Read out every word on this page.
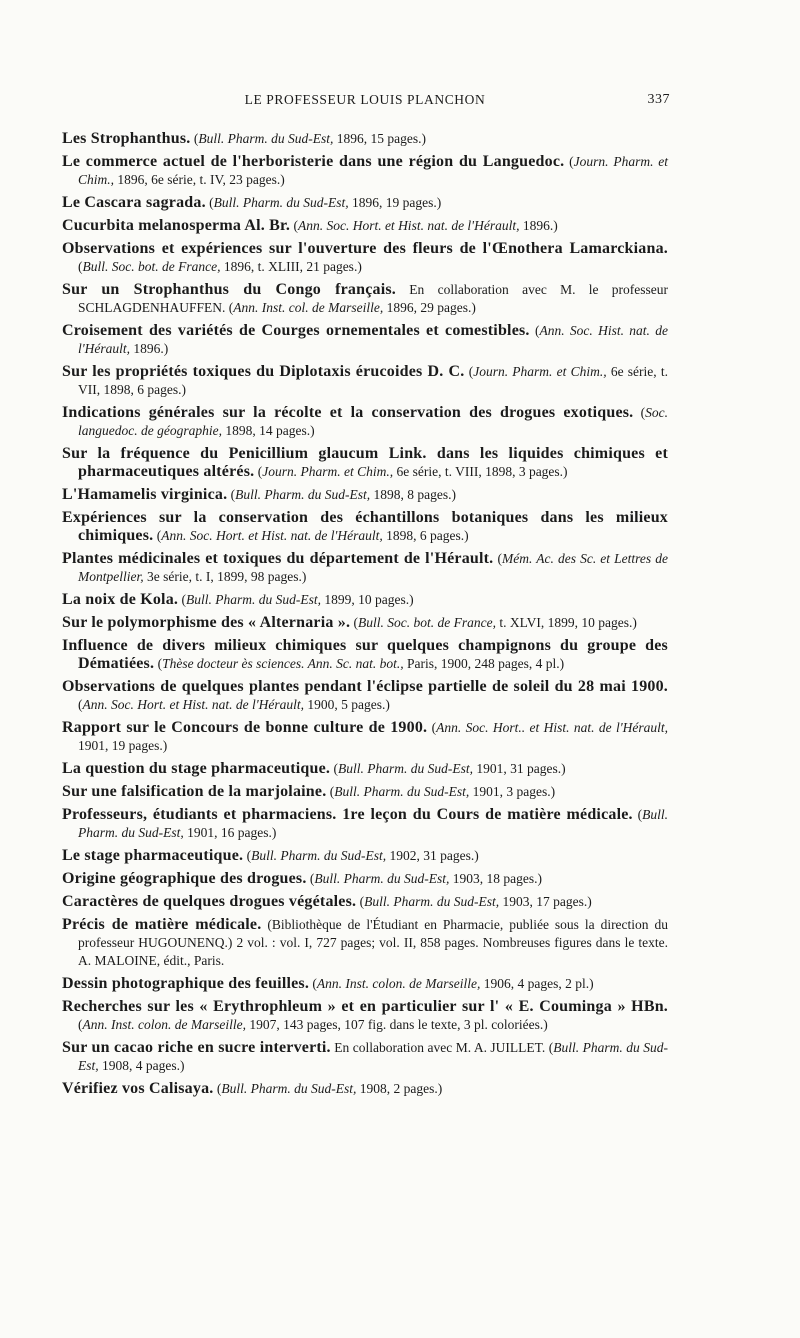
LE PROFESSEUR LOUIS PLANCHON	337

Les Strophanthus. (Bull. Pharm. du Sud-Est, 1896, 15 pages.)

Le commerce actuel de l'herboristerie dans une région du Languedoc. (Journ. Pharm. et Chim., 1896, 6e série, t. IV, 23 pages.)

Le Cascara sagrada. (Bull. Pharm. du Sud-Est, 1896, 19 pages.)

Cucurbita melanosperma Al. Br. (Ann. Soc. Hort. et Hist. nat. de l'Hérault, 1896.)

Observations et expériences sur l'ouverture des fleurs de l'Œnothera Lamarckiana. (Bull. Soc. bot. de France, 1896, t. XLIII, 21 pages.)

Sur un Strophanthus du Congo français. En collaboration avec M. le professeur SCHLAGDENHAUFFEN. (Ann. Inst. col. de Marseille, 1896, 29 pages.)

Croisement des variétés de Courges ornementales et comestibles. (Ann. Soc. Hist. nat. de l'Hérault, 1896.)

Sur les propriétés toxiques du Diplotaxis érucoides D. C. (Journ. Pharm. et Chim., 6e série, t. VII, 1898, 6 pages.)

Indications générales sur la récolte et la conservation des drogues exotiques. (Soc. languedoc. de géographie, 1898, 14 pages.)

Sur la fréquence du Penicillium glaucum Link. dans les liquides chimiques et pharmaceutiques altérés. (Journ. Pharm. et Chim., 6e série, t. VIII, 1898, 3 pages.)

L'Hamamelis virginica. (Bull. Pharm. du Sud-Est, 1898, 8 pages.)

Expériences sur la conservation des échantillons botaniques dans les milieux chimiques. (Ann. Soc. Hort. et Hist. nat. de l'Hérault, 1898, 6 pages.)

Plantes médicinales et toxiques du département de l'Hérault. (Mém. Ac. des Sc. et Lettres de Montpellier, 3e série, t. I, 1899, 98 pages.)

La noix de Kola. (Bull. Pharm. du Sud-Est, 1899, 10 pages.)

Sur le polymorphisme des « Alternaria ». (Bull. Soc. bot. de France, t. XLVI, 1899, 10 pages.)

Influence de divers milieux chimiques sur quelques champignons du groupe des Dématiées. (Thèse docteur ès sciences. Ann. Sc. nat. bot., Paris, 1900, 248 pages, 4 pl.)

Observations de quelques plantes pendant l'éclipse partielle de soleil du 28 mai 1900. (Ann. Soc. Hort. et Hist. nat. de l'Hérault, 1900, 5 pages.)

Rapport sur le Concours de bonne culture de 1900. (Ann. Soc. Hort.. et Hist. nat. de l'Hérault, 1901, 19 pages.)

La question du stage pharmaceutique. (Bull. Pharm. du Sud-Est, 1901, 31 pages.)

Sur une falsification de la marjolaine. (Bull. Pharm. du Sud-Est, 1901, 3 pages.)

Professeurs, étudiants et pharmaciens. 1re leçon du Cours de matière médicale. (Bull. Pharm. du Sud-Est, 1901, 16 pages.)

Le stage pharmaceutique. (Bull. Pharm. du Sud-Est, 1902, 31 pages.)

Origine géographique des drogues. (Bull. Pharm. du Sud-Est, 1903, 18 pages.)

Caractères de quelques drogues végétales. (Bull. Pharm. du Sud-Est, 1903, 17 pages.)

Précis de matière médicale. (Bibliothèque de l'Étudiant en Pharmacie, publiée sous la direction du professeur HUGOUNENQ.) 2 vol. : vol. I, 727 pages; vol. II, 858 pages. Nombreuses figures dans le texte. A. MALOINE, édit., Paris.

Dessin photographique des feuilles. (Ann. Inst. colon. de Marseille, 1906, 4 pages, 2 pl.)

Recherches sur les « Erythrophleum » et en particulier sur l' « E. Couminga » HBn. (Ann. Inst. colon. de Marseille, 1907, 143 pages, 107 fig. dans le texte, 3 pl. coloriées.)

Sur un cacao riche en sucre interverti. En collaboration avec M. A. JUILLET. (Bull. Pharm. du Sud-Est, 1908, 4 pages.)

Vérifiez vos Calisaya. (Bull. Pharm. du Sud-Est, 1908, 2 pages.)
